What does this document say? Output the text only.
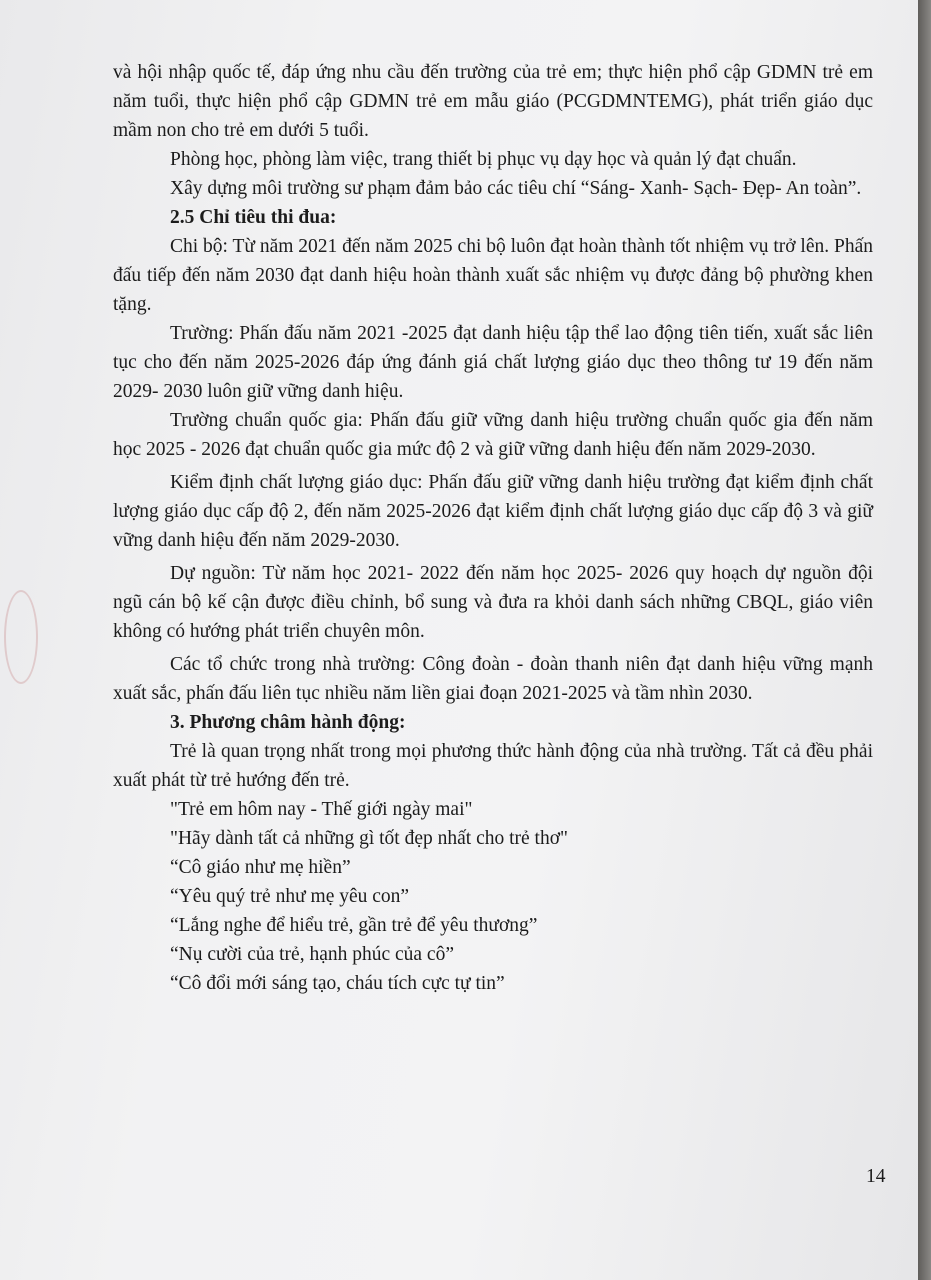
và hội nhập quốc tế, đáp ứng nhu cầu đến trường của trẻ em; thực hiện phổ cập GDMN trẻ em năm tuổi, thực hiện phổ cập GDMN trẻ em mẫu giáo (PCGDMNTEMG), phát triển giáo dục mầm non cho trẻ em dưới 5 tuổi.

Phòng học, phòng làm việc, trang thiết bị phục vụ dạy học và quản lý đạt chuẩn.

Xây dựng môi trường sư phạm đảm bảo các tiêu chí “Sáng- Xanh- Sạch- Đẹp- An toàn”.

2.5 Chỉ tiêu thi đua:

Chi bộ: Từ năm 2021 đến năm 2025 chi bộ luôn đạt hoàn thành tốt nhiệm vụ trở lên. Phấn đấu tiếp đến năm 2030 đạt danh hiệu hoàn thành xuất sắc nhiệm vụ được đảng bộ phường khen tặng.

Trường: Phấn đấu năm 2021 -2025 đạt danh hiệu tập thể lao động tiên tiến, xuất sắc liên tục cho đến năm 2025-2026 đáp ứng đánh giá chất lượng giáo dục theo thông tư 19 đến năm 2029- 2030 luôn giữ vững danh hiệu.

Trường chuẩn quốc gia: Phấn đấu giữ vững danh hiệu trường chuẩn quốc gia đến năm học 2025 - 2026 đạt chuẩn quốc gia mức độ 2 và giữ vững danh hiệu đến năm 2029-2030.

Kiểm định chất lượng giáo dục: Phấn đấu giữ vững danh hiệu trường đạt kiểm định chất lượng giáo dục cấp độ 2, đến năm 2025-2026 đạt kiểm định chất lượng giáo dục cấp độ 3 và giữ vững danh hiệu đến năm 2029-2030.

Dự nguồn: Từ năm học 2021- 2022 đến năm học 2025- 2026 quy hoạch dự nguồn đội ngũ cán bộ kế cận được điều chỉnh, bổ sung và đưa ra khỏi danh sách những CBQL, giáo viên không có hướng phát triển chuyên môn.

Các tổ chức trong nhà trường: Công đoàn - đoàn thanh niên đạt danh hiệu vững mạnh xuất sắc, phấn đấu liên tục nhiều năm liền giai đoạn 2021-2025 và tầm nhìn 2030.

3. Phương châm hành động:

Trẻ là quan trọng nhất trong mọi phương thức hành động của nhà trường. Tất cả đều phải xuất phát từ trẻ hướng đến trẻ.

"Trẻ em hôm nay - Thế giới ngày mai"

"Hãy dành tất cả những gì tốt đẹp nhất cho trẻ thơ"

“Cô giáo như mẹ hiền”

“Yêu quý trẻ như mẹ yêu con”

“Lắng nghe để hiểu trẻ, gần trẻ để yêu thương”

“Nụ cười của trẻ, hạnh phúc của cô”

“Cô đổi mới sáng tạo, cháu tích cực tự tin”

14
